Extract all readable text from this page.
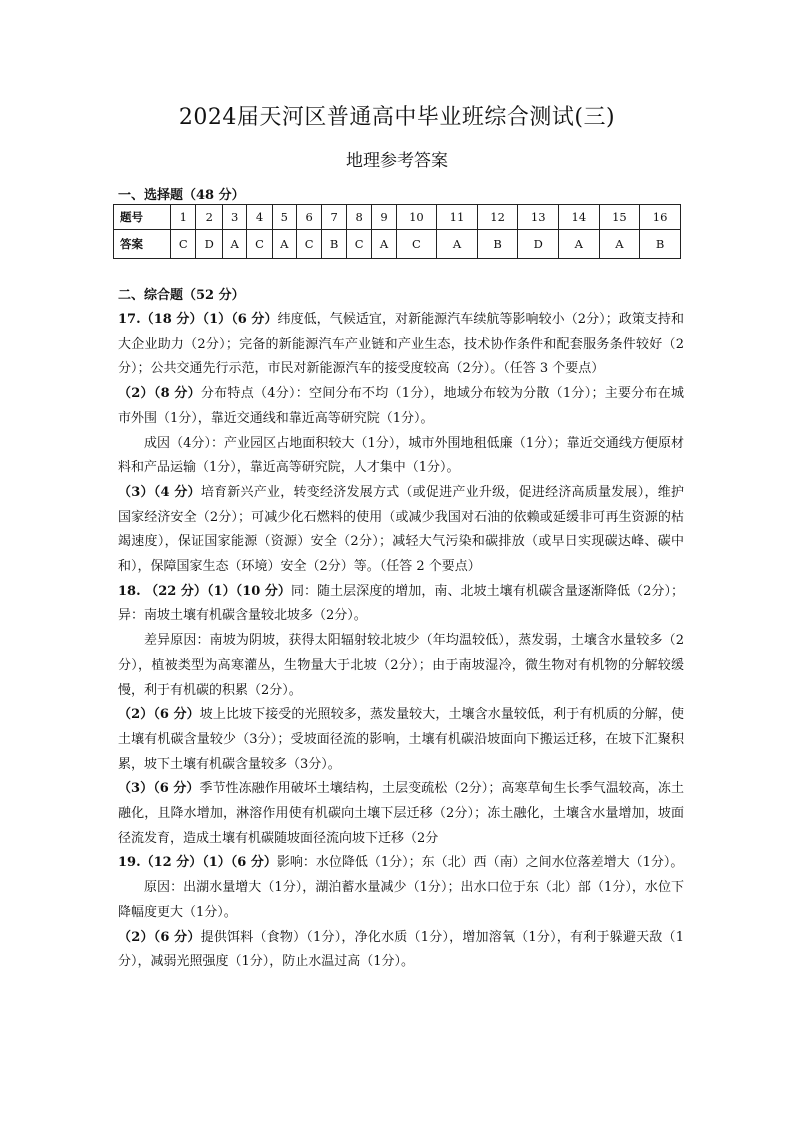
2024届天河区普通高中毕业班综合测试(三)
地理参考答案
一、选择题（48 分）
题号	1	2	3	4	5	6	7	8	9	10	11	12	13	14	15	16
答案	C	D	A	C	A	C	B	C	A	C	A	B	D	A	A	B
二、综合题（52 分）

17.（18 分）（1）（6 分）纬度低，气候适宜，对新能源汽车续航等影响较小（2分）；政策支持和大企业助力（2分）；完备的新能源汽车产业链和产业生态，技术协作条件和配套服务条件较好（2分）；公共交通先行示范，市民对新能源汽车的接受度较高（2分）。（任答 3 个要点）

（2）（8 分）分布特点（4分）：空间分布不均（1分），地域分布较为分散（1分）；主要分布在城市外围（1分），靠近交通线和靠近高等研究院（1分）。

成因（4分）：产业园区占地面积较大（1分），城市外围地租低廉（1分）；靠近交通线方便原材料和产品运输（1分），靠近高等研究院，人才集中（1分）。

（3）（4 分）培育新兴产业，转变经济发展方式（或促进产业升级，促进经济高质量发展），维护国家经济安全（2分）；可减少化石燃料的使用（或减少我国对石油的依赖或延缓非可再生资源的枯竭速度），保证国家能源（资源）安全（2分）；减轻大气污染和碳排放（或早日实现碳达峰、碳中和），保障国家生态（环境）安全（2分）等。（任答 2 个要点）

18. （22 分）（1）（10 分）同：随土层深度的增加，南、北坡土壤有机碳含量逐渐降低（2分）；异：南坡土壤有机碳含量较北坡多（2分）。

差异原因：南坡为阴坡，获得太阳辐射较北坡少（年均温较低），蒸发弱，土壤含水量较多（2分），植被类型为高寒灌丛，生物量大于北坡（2分）；由于南坡湿冷，微生物对有机物的分解较缓慢，利于有机碳的积累（2分）。

（2）（6 分）坡上比坡下接受的光照较多，蒸发量较大，土壤含水量较低，利于有机质的分解，使土壤有机碳含量较少（3分）；受坡面径流的影响，土壤有机碳沿坡面向下搬运迁移，在坡下汇聚积累，坡下土壤有机碳含量较多（3分）。

（3）（6 分）季节性冻融作用破坏土壤结构，土层变疏松（2分）；高寒草甸生长季气温较高，冻土融化，且降水增加，淋溶作用使有机碳向土壤下层迁移（2分）；冻土融化，土壤含水量增加，坡面径流发育，造成土壤有机碳随坡面径流向坡下迁移（2分

19.（12 分）（1）（6 分）影响：水位降低（1分）；东（北）西（南）之间水位落差增大（1分）。

原因：出湖水量增大（1分），湖泊蓄水量减少（1分）；出水口位于东（北）部（1分），水位下降幅度更大（1分）。

（2）（6 分）提供饵料（食物）（1分），净化水质（1分），增加溶氧（1分），有利于躲避天敌（1分），减弱光照强度（1分），防止水温过高（1分）。
